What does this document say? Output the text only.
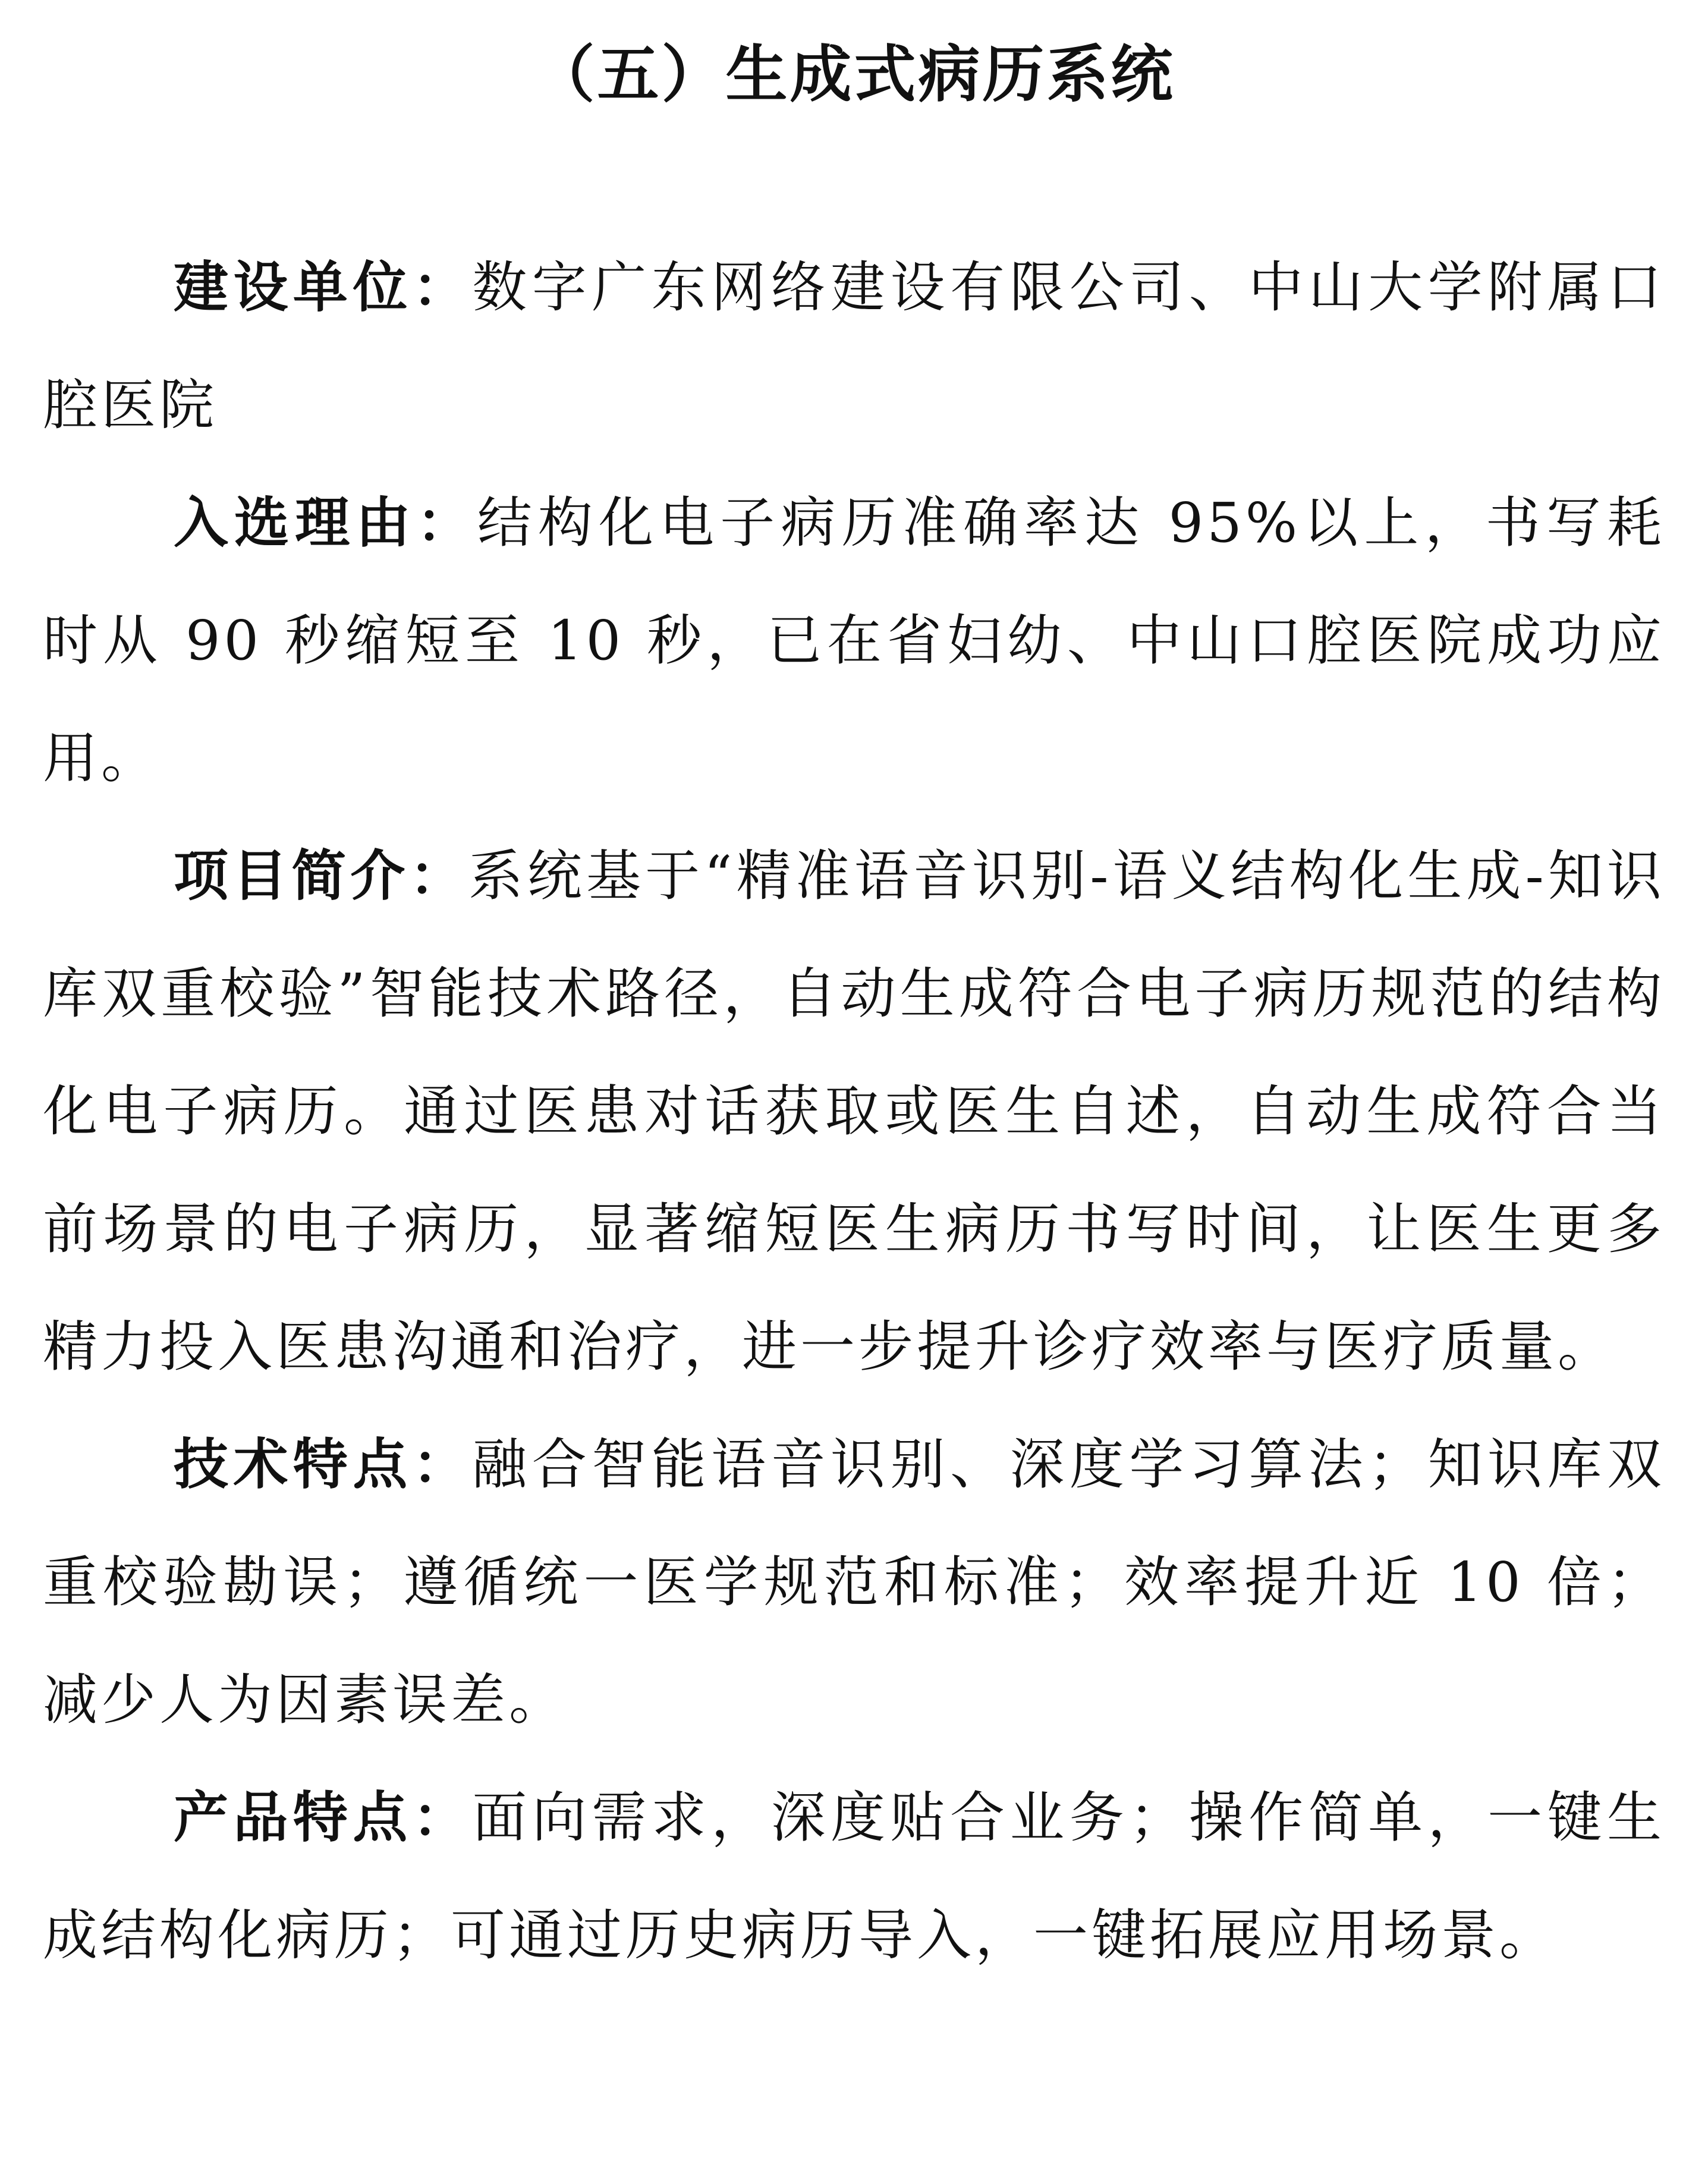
（五）生成式病历系统

建设单位：数字广东网络建设有限公司、中山大学附属口腔医院

入选理由：结构化电子病历准确率达 95%以上，书写耗时从 90 秒缩短至 10 秒，已在省妇幼、中山口腔医院成功应用。

项目简介：系统基于“精准语音识别-语义结构化生成-知识库双重校验”智能技术路径，自动生成符合电子病历规范的结构化电子病历。通过医患对话获取或医生自述，自动生成符合当前场景的电子病历，显著缩短医生病历书写时间，让医生更多精力投入医患沟通和治疗，进一步提升诊疗效率与医疗质量。

技术特点：融合智能语音识别、深度学习算法；知识库双重校验勘误；遵循统一医学规范和标准；效率提升近 10 倍；减少人为因素误差。

产品特点：面向需求，深度贴合业务；操作简单，一键生成结构化病历；可通过历史病历导入，一键拓展应用场景。
